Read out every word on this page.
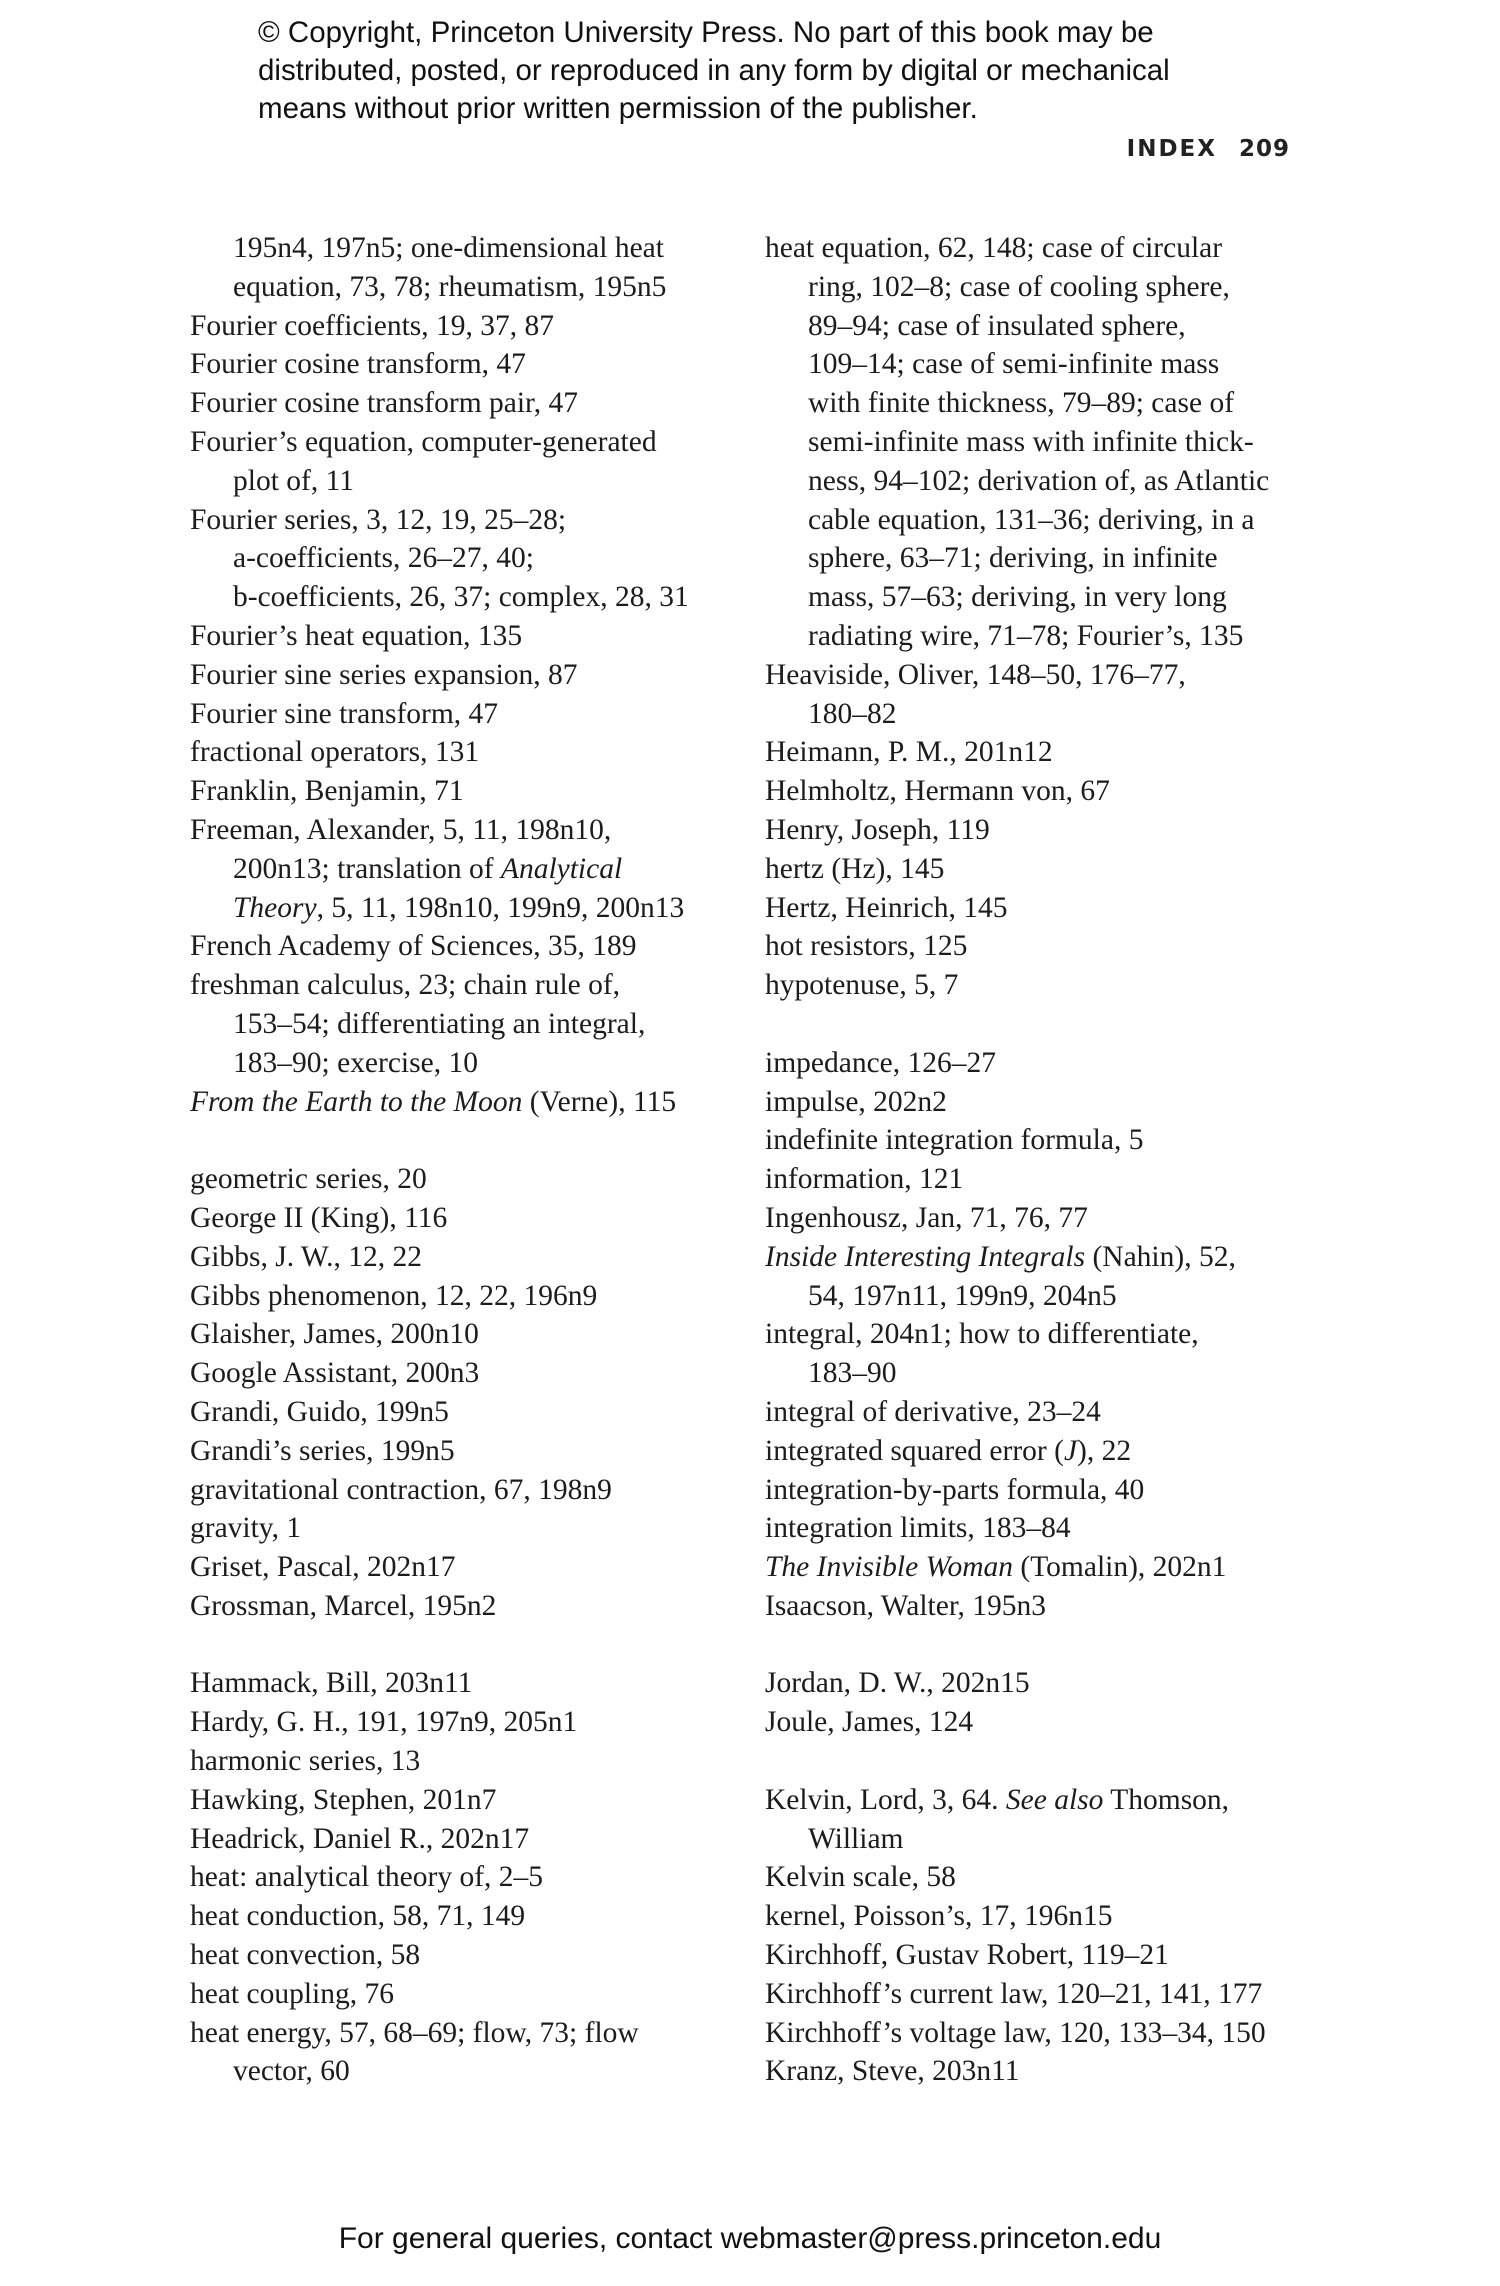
© Copyright, Princeton University Press. No part of this book may be
distributed, posted, or reproduced in any form by digital or mechanical
means without prior written permission of the publisher.
INDEX 209

195n4, 197n5; one-dimensional heat
equation, 73, 78; rheumatism, 195n5

Fourier coefficients, 19, 37, 87

Fourier cosine transform, 47

Fourier cosine transform pair, 47

Fourier’s equation, computer-generated
plot of, 11

Fourier series, 3, 12, 19, 25–28;
a-coefficients, 26–27, 40;
b-coefficients, 26, 37; complex, 28, 31

Fourier’s heat equation, 135

Fourier sine series expansion, 87

Fourier sine transform, 47

fractional operators, 131

Franklin, Benjamin, 71

Freeman, Alexander, 5, 11, 198n10,
200n13; translation of Analytical
Theory, 5, 11, 198n10, 199n9, 200n13

French Academy of Sciences, 35, 189

freshman calculus, 23; chain rule of,
153–54; differentiating an integral,
183–90; exercise, 10

From the Earth to the Moon (Verne), 115

geometric series, 20

George II (King), 116

Gibbs, J. W., 12, 22

Gibbs phenomenon, 12, 22, 196n9

Glaisher, James, 200n10

Google Assistant, 200n3

Grandi, Guido, 199n5

Grandi’s series, 199n5

gravitational contraction, 67, 198n9

gravity, 1

Griset, Pascal, 202n17

Grossman, Marcel, 195n2

Hammack, Bill, 203n11

Hardy, G. H., 191, 197n9, 205n1

harmonic series, 13

Hawking, Stephen, 201n7

Headrick, Daniel R., 202n17

heat: analytical theory of, 2–5

heat conduction, 58, 71, 149

heat convection, 58

heat coupling, 76

heat energy, 57, 68–69; flow, 73; flow
vector, 60

heat equation, 62, 148; case of circular
ring, 102–8; case of cooling sphere,
89–94; case of insulated sphere,
109–14; case of semi-infinite mass
with finite thickness, 79–89; case of
semi-infinite mass with infinite thick-
ness, 94–102; derivation of, as Atlantic
cable equation, 131–36; deriving, in a
sphere, 63–71; deriving, in infinite
mass, 57–63; deriving, in very long
radiating wire, 71–78; Fourier’s, 135

Heaviside, Oliver, 148–50, 176–77,
180–82

Heimann, P. M., 201n12

Helmholtz, Hermann von, 67

Henry, Joseph, 119

hertz (Hz), 145

Hertz, Heinrich, 145

hot resistors, 125

hypotenuse, 5, 7

impedance, 126–27

impulse, 202n2

indefinite integration formula, 5

information, 121

Ingenhousz, Jan, 71, 76, 77

Inside Interesting Integrals (Nahin), 52,
54, 197n11, 199n9, 204n5

integral, 204n1; how to differentiate,
183–90

integral of derivative, 23–24

integrated squared error (J), 22

integration-by-parts formula, 40

integration limits, 183–84

The Invisible Woman (Tomalin), 202n1

Isaacson, Walter, 195n3

Jordan, D. W., 202n15

Joule, James, 124

Kelvin, Lord, 3, 64. See also Thomson,
William

Kelvin scale, 58

kernel, Poisson’s, 17, 196n15

Kirchhoff, Gustav Robert, 119–21

Kirchhoff’s current law, 120–21, 141, 177

Kirchhoff’s voltage law, 120, 133–34, 150

Kranz, Steve, 203n11

For general queries, contact webmaster@press.princeton.edu
